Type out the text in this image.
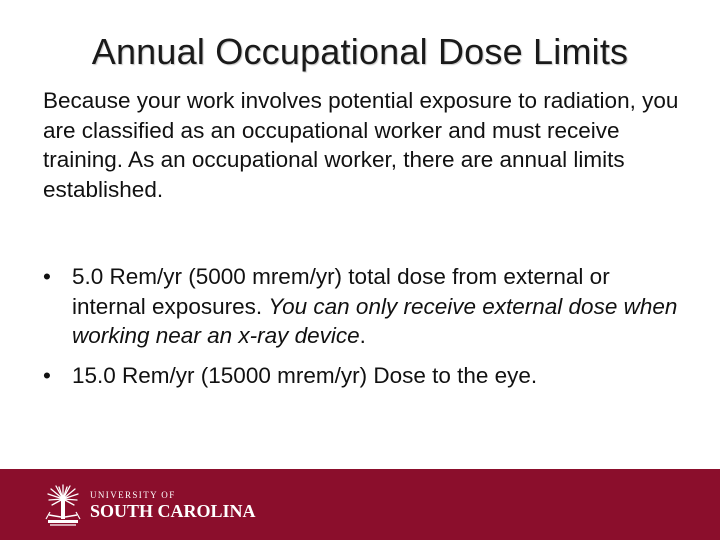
Annual Occupational Dose Limits

Because your work involves potential exposure to radiation, you are classified as an occupational worker and must receive training. As an occupational worker, there are annual limits established.

• 5.0 Rem/yr (5000 mrem/yr) total dose from external or internal exposures. You can only receive external dose when working near an x-ray device.
• 15.0 Rem/yr (15000 mrem/yr) Dose to the eye.
UNIVERSITY OF
SOUTH CAROLINA
